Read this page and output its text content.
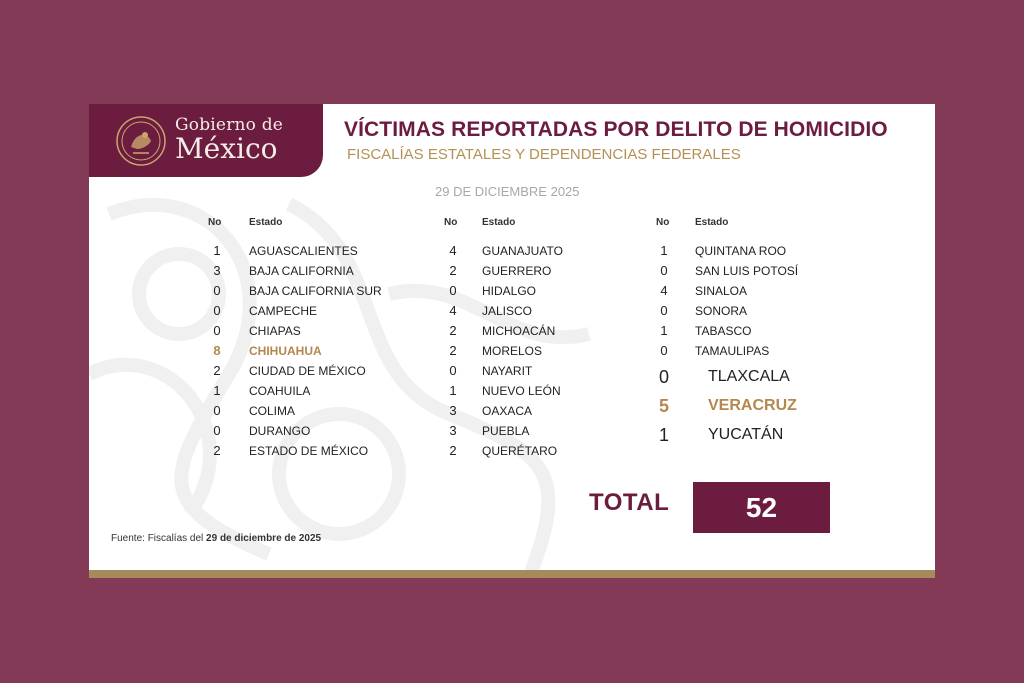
Gobierno de
México
VÍCTIMAS REPORTADAS POR DELITO DE HOMICIDIO
FISCALÍAS ESTATALES Y DEPENDENCIAS FEDERALES
29 DE DICIEMBRE 2025
No	Estado	No Estado	No	Estado
1 AGUASCALIENTES
3 BAJA CALIFORNIA
0 BAJA CALIFORNIA SUR
0 CAMPECHE
0 CHIAPAS
8 CHIHUAHUA
2 CIUDAD DE MÉXICO
1 COAHUILA
0 COLIMA
0 DURANGO
2 ESTADO DE MÉXICO
4 GUANAJUATO
2 GUERRERO
0 HIDALGO
4 JALISCO
2 MICHOACÁN
2 MORELOS
0 NAYARIT
1 NUEVO LEÓN
3 OAXACA
3 PUEBLA
2 QUERÉTARO
1 QUINTANA ROO
0 SAN LUIS POTOSÍ
4 SINALOA
0 SONORA
1 TABASCO
0 TAMAULIPAS
0 TLAXCALA
5 VERACRUZ
1 YUCATÁN
TOTAL	52
Fuente: Fiscalías del 29 de diciembre de 2025
